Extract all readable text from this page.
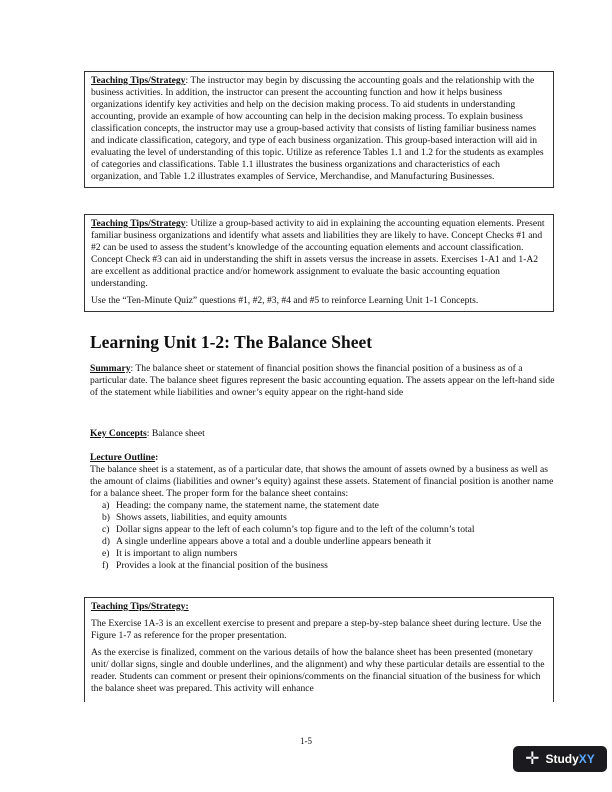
Teaching Tips/Strategy: The instructor may begin by discussing the accounting goals and the relationship with the business activities. In addition, the instructor can present the accounting function and how it helps business organizations identify key activities and help on the decision making process. To aid students in understanding accounting, provide an example of how accounting can help in the decision making process. To explain business classification concepts, the instructor may use a group-based activity that consists of listing familiar business names and indicate classification, category, and type of each business organization. This group-based interaction will aid in evaluating the level of understanding of this topic. Utilize as reference Tables 1.1 and 1.2 for the students as examples of categories and classifications. Table 1.1 illustrates the business organizations and characteristics of each organization, and Table 1.2 illustrates examples of Service, Merchandise, and Manufacturing Businesses.

Teaching Tips/Strategy: Utilize a group-based activity to aid in explaining the accounting equation elements. Present familiar business organizations and identify what assets and liabilities they are likely to have. Concept Checks #1 and #2 can be used to assess the student’s knowledge of the accounting equation elements and account classification. Concept Check #3 can aid in understanding the shift in assets versus the increase in assets. Exercises 1-A1 and 1-A2 are excellent as additional practice and/or homework assignment to evaluate the basic accounting equation understanding.

Use the “Ten-Minute Quiz” questions #1, #2, #3, #4 and #5 to reinforce Learning Unit 1-1 Concepts.

Learning Unit 1-2: The Balance Sheet

Summary: The balance sheet or statement of financial position shows the financial position of a business as of a particular date. The balance sheet figures represent the basic accounting equation. The assets appear on the left-hand side of the statement while liabilities and owner’s equity appear on the right-hand side

Key Concepts: Balance sheet

Lecture Outline:

The balance sheet is a statement, as of a particular date, that shows the amount of assets owned by a business as well as the amount of claims (liabilities and owner’s equity) against these assets. Statement of financial position is another name for a balance sheet. The proper form for the balance sheet contains:

a) Heading: the company name, the statement name, the statement date
b) Shows assets, liabilities, and equity amounts
c) Dollar signs appear to the left of each column’s top figure and to the left of the column’s total
d) A single underline appears above a total and a double underline appears beneath it
e) It is important to align numbers
f) Provides a look at the financial position of the business

Teaching Tips/Strategy:

The Exercise 1A-3 is an excellent exercise to present and prepare a step-by-step balance sheet during lecture. Use the Figure 1-7 as reference for the proper presentation.

As the exercise is finalized, comment on the various details of how the balance sheet has been presented (monetary unit/ dollar signs, single and double underlines, and the alignment) and why these particular details are essential to the reader. Students can comment or present their opinions/comments on the financial situation of the business for which the balance sheet was prepared. This activity will enhance

1-5
✛ StudyXY
